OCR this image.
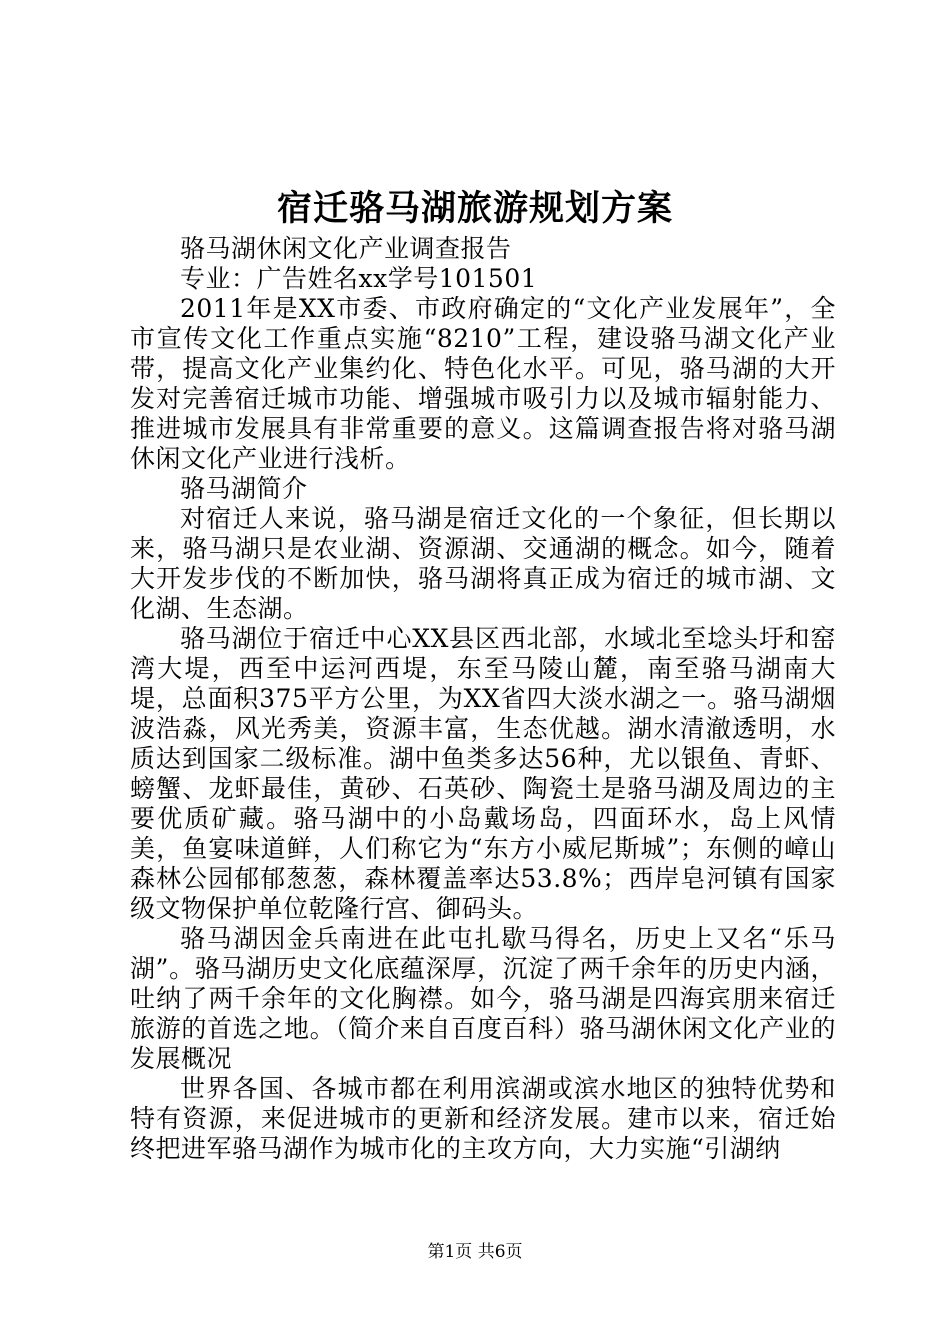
宿迁骆马湖旅游规划方案

骆马湖休闲文化产业调查报告

专业：广告姓名xx学号101501

2011年是XX市委、市政府确定的“文化产业发展年”，全市宣传文化工作重点实施“8210”工程，建设骆马湖文化产业带，提高文化产业集约化、特色化水平。可见，骆马湖的大开发对完善宿迁城市功能、增强城市吸引力以及城市辐射能力、推进城市发展具有非常重要的意义。这篇调查报告将对骆马湖休闲文化产业进行浅析。

骆马湖简介

对宿迁人来说，骆马湖是宿迁文化的一个象征，但长期以来，骆马湖只是农业湖、资源湖、交通湖的概念。如今，随着大开发步伐的不断加快，骆马湖将真正成为宿迁的城市湖、文化湖、生态湖。

骆马湖位于宿迁中心XX县区西北部，水域北至埝头圩和窑湾大堤，西至中运河西堤，东至马陵山麓，南至骆马湖南大堤，总面积375平方公里，为XX省四大淡水湖之一。骆马湖烟波浩淼，风光秀美，资源丰富，生态优越。湖水清澈透明，水质达到国家二级标准。湖中鱼类多达56种，尤以银鱼、青虾、螃蟹、龙虾最佳，黄砂、石英砂、陶瓷土是骆马湖及周边的主要优质矿藏。骆马湖中的小岛戴场岛，四面环水，岛上风情美，鱼宴味道鲜，人们称它为“东方小威尼斯城”；东侧的嶂山森林公园郁郁葱葱，森林覆盖率达53.8%；西岸皂河镇有国家级文物保护单位乾隆行宫、御码头。

骆马湖因金兵南进在此屯扎歇马得名，历史上又名“乐马湖”。骆马湖历史文化底蕴深厚，沉淀了两千余年的历史内涵，吐纳了两千余年的文化胸襟。如今，骆马湖是四海宾朋来宿迁旅游的首选之地。（简介来自百度百科）骆马湖休闲文化产业的发展概况

世界各国、各城市都在利用滨湖或滨水地区的独特优势和特有资源，来促进城市的更新和经济发展。建市以来，宿迁始终把进军骆马湖作为城市化的主攻方向，大力实施“引湖纳

第1页 共6页
